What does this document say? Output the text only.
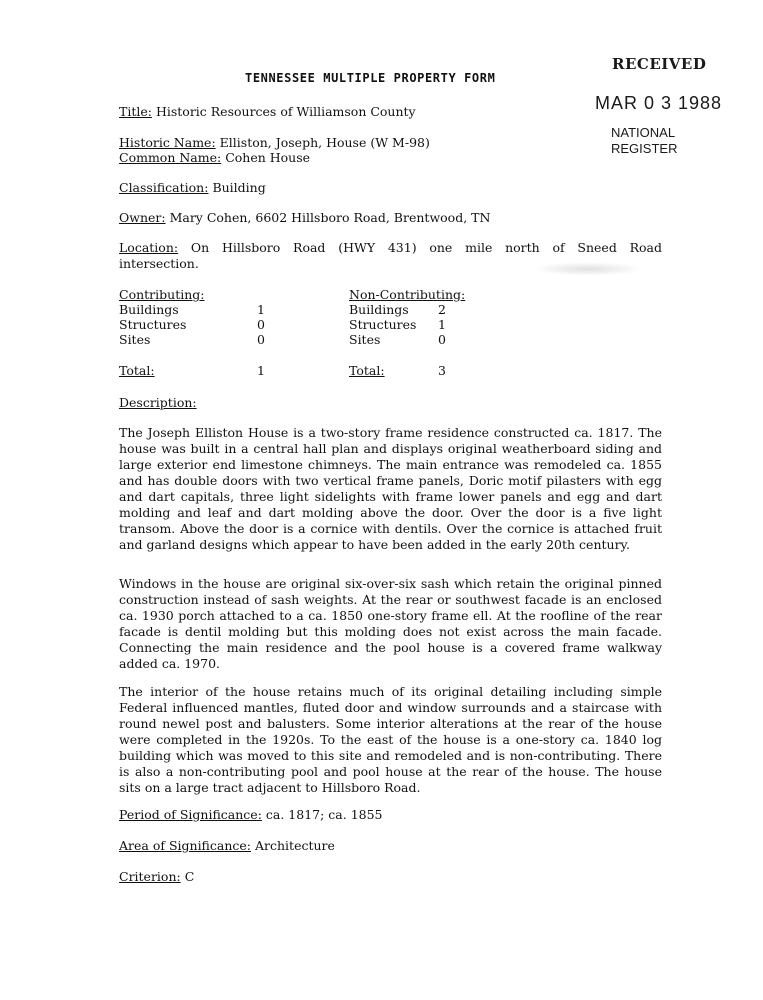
RECEIVED
MAR 0 3 1988
NATIONAL
REGISTER
TENNESSEE MULTIPLE PROPERTY FORM
Title: Historic Resources of Williamson County
Historic Name: Elliston, Joseph, House (W M-98)
Common Name: Cohen House
Classification: Building
Owner: Mary Cohen, 6602 Hillsboro Road, Brentwood, TN
Location: On Hillsboro Road (HWY 431) one mile north of Sneed Road
intersection.
Contributing:	Non-Contributing:
Buildings	1	Buildings 2
Structures	0	Structures 1
Sites	0	Sites	0
Total:	1	Total:	3
Description:
The Joseph Elliston House is a two-story frame residence constructed ca. 1817. The house was built in a central hall plan and displays original weatherboard siding and large exterior end limestone chimneys. The main entrance was remodeled ca. 1855 and has double doors with two vertical frame panels, Doric motif pilasters with egg and dart capitals, three light sidelights with frame lower panels and egg and dart molding and leaf and dart molding above the door. Over the door is a five light transom. Above the door is a cornice with dentils. Over the cornice is attached fruit and garland designs which appear to have been added in the early 20th century.
Windows in the house are original six-over-six sash which retain the original pinned construction instead of sash weights. At the rear or southwest facade is an enclosed ca. 1930 porch attached to a ca. 1850 one-story frame ell. At the roofline of the rear facade is dentil molding but this molding does not exist across the main facade. Connecting the main residence and the pool house is a covered frame walkway added ca. 1970.
The interior of the house retains much of its original detailing including simple Federal influenced mantles, fluted door and window surrounds and a staircase with round newel post and balusters. Some interior alterations at the rear of the house were completed in the 1920s. To the east of the house is a one-story ca. 1840 log building which was moved to this site and remodeled and is non-contributing. There is also a non-contributing pool and pool house at the rear of the house. The house sits on a large tract adjacent to Hillsboro Road.
Period of Significance: ca. 1817; ca. 1855
Area of Significance: Architecture
Criterion: C
